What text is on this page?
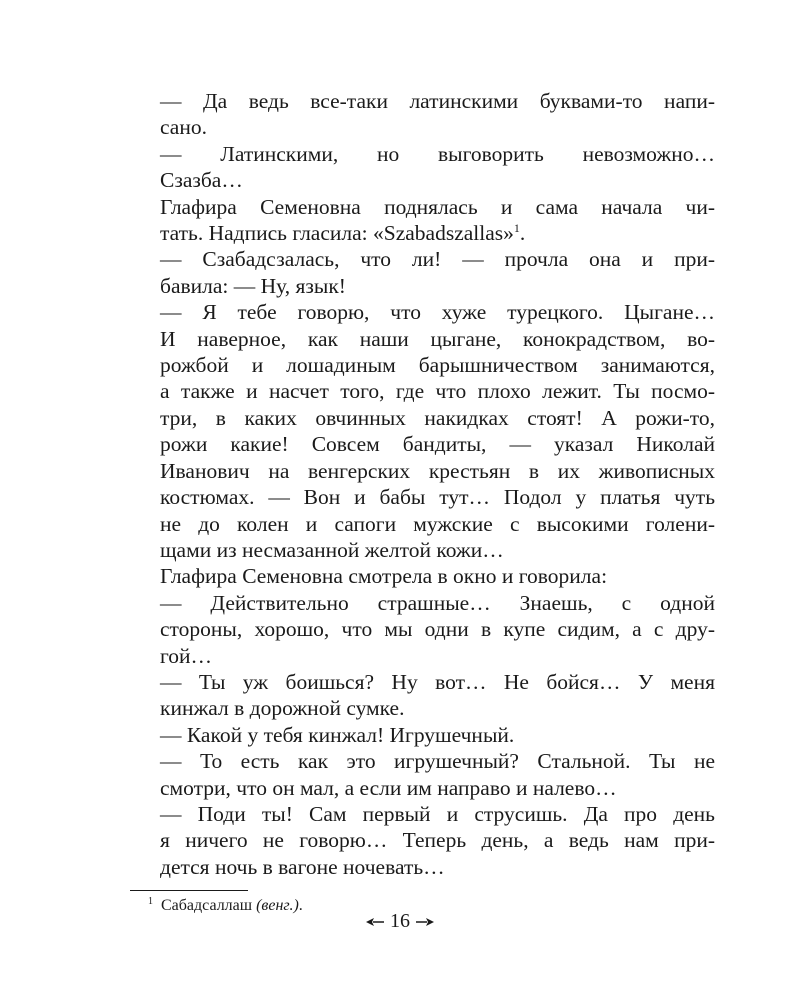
— Да ведь все-таки латинскими буквами-то напи-
сано.

— Латинскими, но выговорить невозможно…
Сзазба…

Глафира Семеновна поднялась и сама начала чи-
тать. Надпись гласила: «Szabadszallas»$^1$.

— Сзабадсзалась, что ли! — прочла она и при-
бавила: — Ну, язык!

— Я тебе говорю, что хуже турецкого. Цыгане…
И наверное, как наши цыгане, конокрадством, во-
рожбой и лошадиным барышничеством занимаются,
а также и насчет того, где что плохо лежит. Ты посмо-
три, в каких овчинных накидках стоят! А рожи-то,
рожи какие! Совсем бандиты, — указал Николай
Иванович на венгерских крестьян в их живописных
костюмах. — Вон и бабы тут… Подол у платья чуть
не до колен и сапоги мужские с высокими голени-
щами из несмазанной желтой кожи…

Глафира Семеновна смотрела в окно и говорила:

— Действительно страшные… Знаешь, с одной
стороны, хорошо, что мы одни в купе сидим, а с дру-
гой…

— Ты уж боишься? Ну вот… Не бойся… У меня
кинжал в дорожной сумке.

— Какой у тебя кинжал! Игрушечный.

— То есть как это игрушечный? Стальной. Ты не
смотри, что он мал, а если им направо и налево…

— Поди ты! Сам первый и струсишь. Да про день
я ничего не говорю… Теперь день, а ведь нам при-
дется ночь в вагоне ночевать…

$^1$ Сабадсаллаш (венг.).
16
